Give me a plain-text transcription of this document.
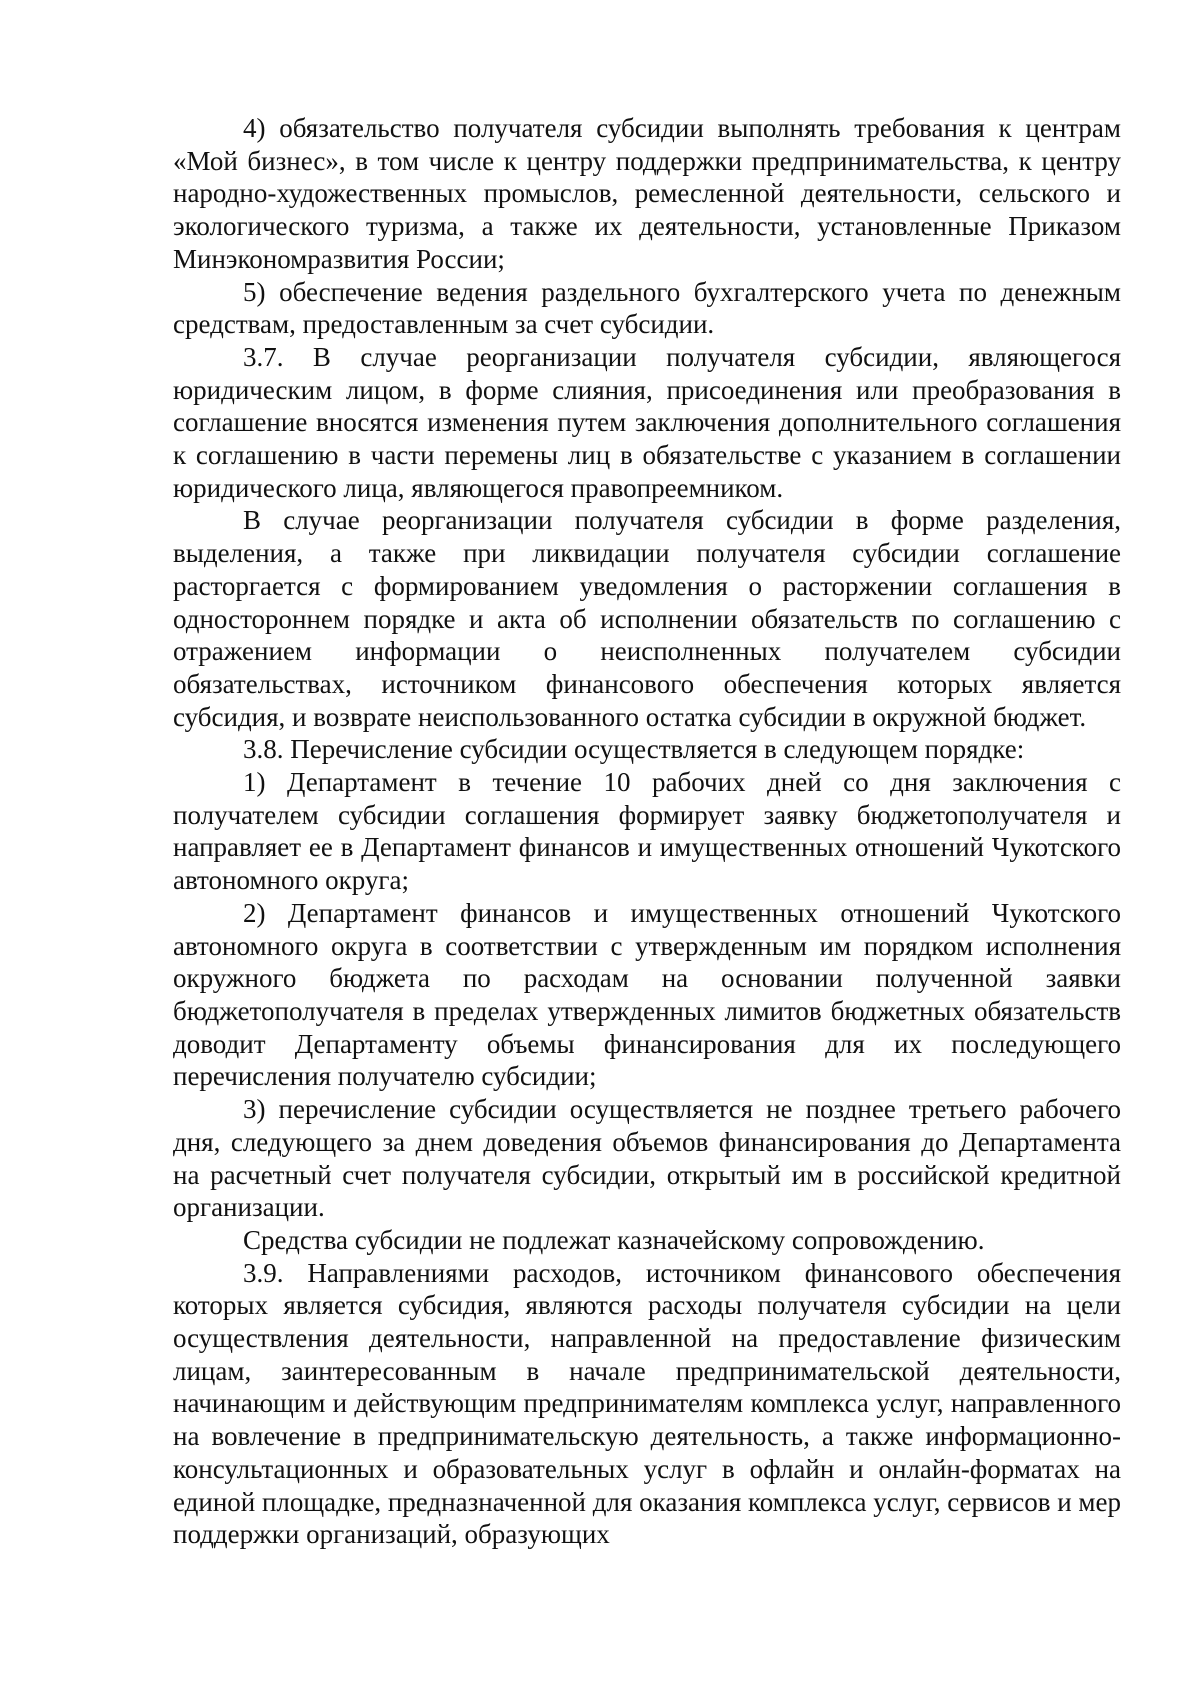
4) обязательство получателя субсидии выполнять требования к центрам «Мой бизнес», в том числе к центру поддержки предпринимательства, к центру народно-художественных промыслов, ремесленной деятельности, сельского и экологического туризма, а также их деятельности, установленные Приказом Минэкономразвития России;

5) обеспечение ведения раздельного бухгалтерского учета по денежным средствам, предоставленным за счет субсидии.

3.7. В случае реорганизации получателя субсидии, являющегося юридическим лицом, в форме слияния, присоединения или преобразования в соглашение вносятся изменения путем заключения дополнительного соглашения к соглашению в части перемены лиц в обязательстве с указанием в соглашении юридического лица, являющегося правопреемником.

В случае реорганизации получателя субсидии в форме разделения, выделения, а также при ликвидации получателя субсидии соглашение расторгается с формированием уведомления о расторжении соглашения в одностороннем порядке и акта об исполнении обязательств по соглашению с отражением информации о неисполненных получателем субсидии обязательствах, источником финансового обеспечения которых является субсидия, и возврате неиспользованного остатка субсидии в окружной бюджет.

3.8. Перечисление субсидии осуществляется в следующем порядке:

1) Департамент в течение 10 рабочих дней со дня заключения с получателем субсидии соглашения формирует заявку бюджетополучателя и направляет ее в Департамент финансов и имущественных отношений Чукотского автономного округа;

2) Департамент финансов и имущественных отношений Чукотского автономного округа в соответствии с утвержденным им порядком исполнения окружного бюджета по расходам на основании полученной заявки бюджетополучателя в пределах утвержденных лимитов бюджетных обязательств доводит Департаменту объемы финансирования для их последующего перечисления получателю субсидии;

3) перечисление субсидии осуществляется не позднее третьего рабочего дня, следующего за днем доведения объемов финансирования до Департамента на расчетный счет получателя субсидии, открытый им в российской кредитной организации.

Средства субсидии не подлежат казначейскому сопровождению.

3.9. Направлениями расходов, источником финансового обеспечения которых является субсидия, являются расходы получателя субсидии на цели осуществления деятельности, направленной на предоставление физическим лицам, заинтересованным в начале предпринимательской деятельности, начинающим и действующим предпринимателям комплекса услуг, направленного на вовлечение в предпринимательскую деятельность, а также информационно-консультационных и образовательных услуг в офлайн и онлайн-форматах на единой площадке, предназначенной для оказания комплекса услуг, сервисов и мер поддержки организаций, образующих
